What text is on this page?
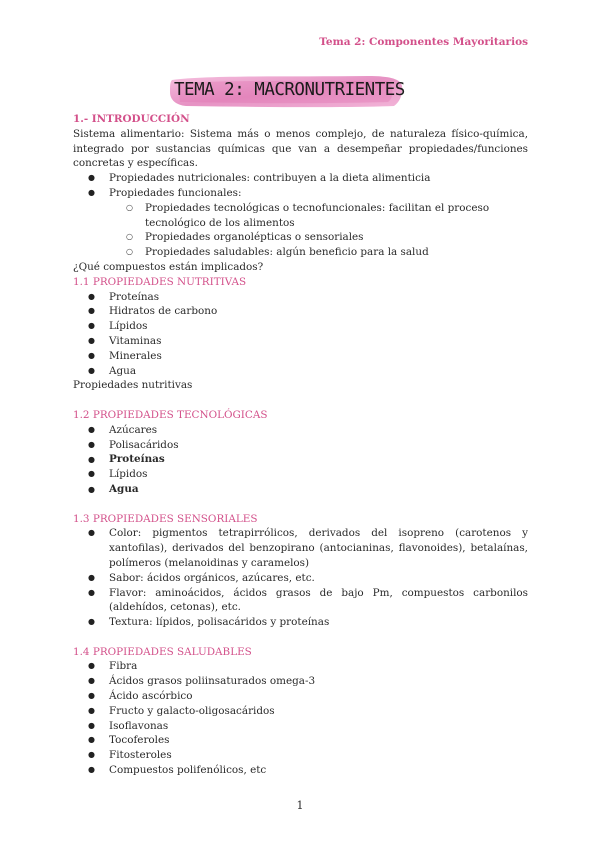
Tema 2: Componentes Mayoritarios
TEMA 2: MACRONUTRIENTES
1.- INTRODUCCIÓN
Sistema alimentario: Sistema más o menos complejo, de naturaleza físico-química, integrado por sustancias químicas que van a desempeñar propiedades/funciones concretas y específicas.
● Propiedades nutricionales: contribuyen a la dieta alimenticia
● Propiedades funcionales:
○ Propiedades tecnológicas o tecnofuncionales: facilitan el proceso tecnológico de los alimentos
○ Propiedades organolépticas o sensoriales
○ Propiedades saludables: algún beneficio para la salud
¿Qué compuestos están implicados?
1.1 PROPIEDADES NUTRITIVAS
● Proteínas
● Hidratos de carbono
● Lípidos
● Vitaminas
● Minerales
● Agua
Propiedades nutritivas
1.2 PROPIEDADES TECNOLÓGICAS
● Azúcares
● Polisacáridos
● Proteínas
● Lípidos
● Agua
1.3 PROPIEDADES SENSORIALES
● Color: pigmentos tetrapirrólicos, derivados del isopreno (carotenos y xantofilas), derivados del benzopirano (antocianinas, flavonoides), betalaínas, polímeros (melanoidinas y caramelos)
● Sabor: ácidos orgánicos, azúcares, etc.
● Flavor: aminoácidos, ácidos grasos de bajo Pm, compuestos carbonilos (aldehídos, cetonas), etc.
● Textura: lípidos, polisacáridos y proteínas
1.4 PROPIEDADES SALUDABLES
● Fibra
● Ácidos grasos poliinsaturados omega-3
● Ácido ascórbico
● Fructo y galacto-oligosacáridos
● Isoflavonas
● Tocoferoles
● Fitosteroles
● Compuestos polifenólicos, etc
1
